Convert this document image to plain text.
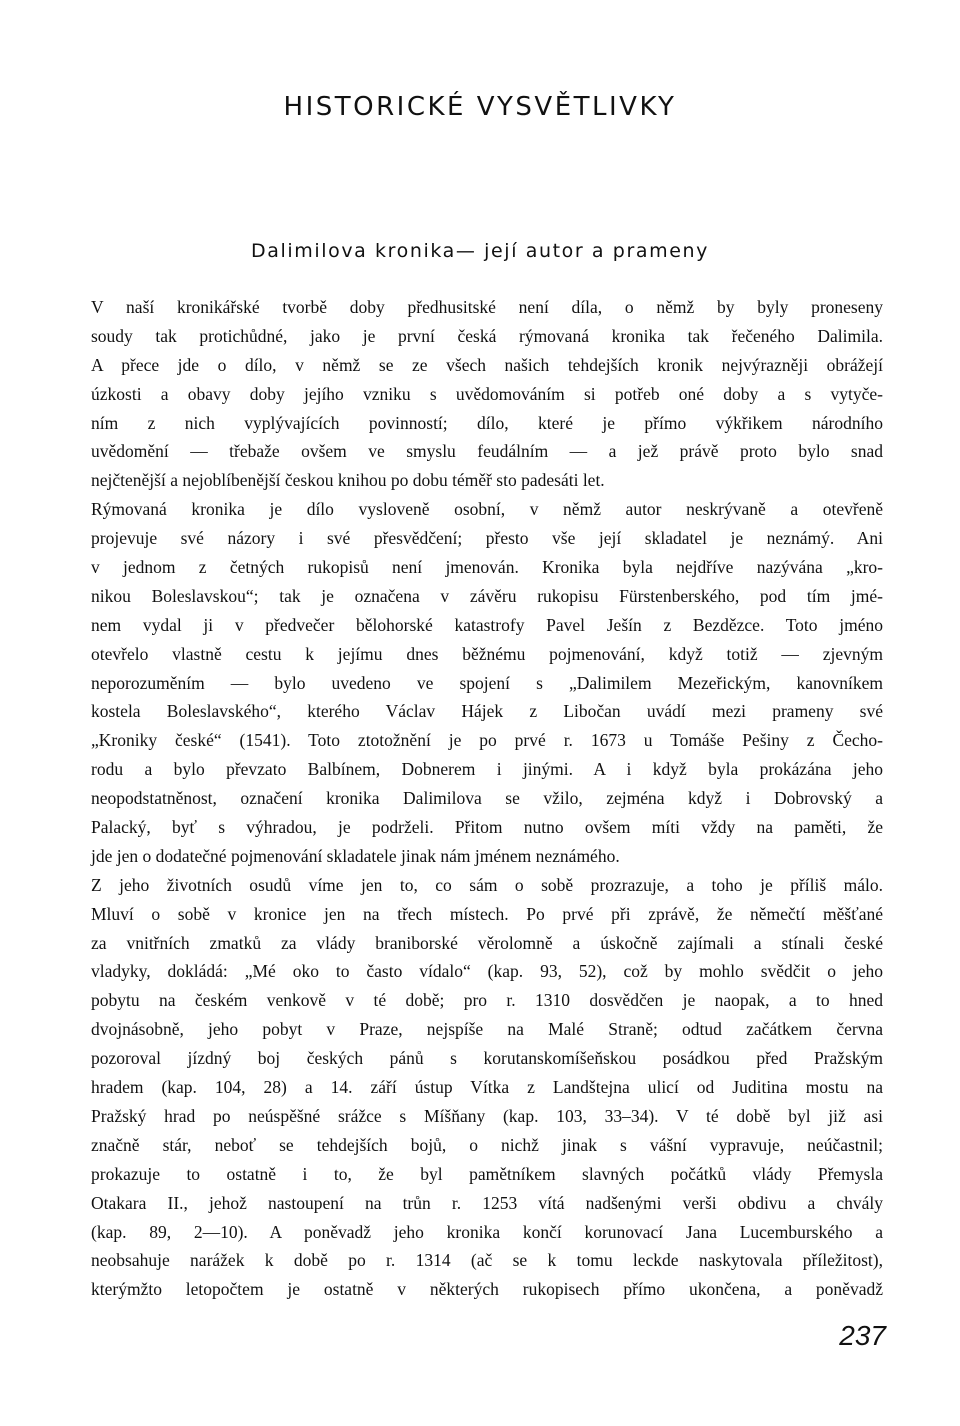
HISTORICKÉ VYSVĚTLIVKY
Dalimilova kronika— její autor a prameny
V naší kronikářské tvorbě doby předhusitské není díla, o němž by byly proneseny
soudy tak protichůdné, jako je první česká rýmovaná kronika tak řečeného Dalimila.
A přece jde o dílo, v němž se ze všech našich tehdejších kronik nejvýrazněji obrážejí
úzkosti a obavy doby jejího vzniku s uvědomováním si potřeb oné doby a s vytyče-
ním z nich vyplývajících povinností; dílo, které je přímo výkřikem národního
uvědomění — třebaže ovšem ve smyslu feudálním — a jež právě proto bylo snad
nejčtenější a nejoblíbenější českou knihou po dobu téměř sto padesáti let.
Rýmovaná kronika je dílo vysloveně osobní, v němž autor neskrývaně a otevřeně
projevuje své názory i své přesvědčení; přesto vše její skladatel je neznámý. Ani
v jednom z četných rukopisů není jmenován. Kronika byla nejdříve nazývána „kro-
nikou Boleslavskou“; tak je označena v závěru rukopisu Fürstenberského, pod tím jmé-
nem vydal ji v předvečer bělohorské katastrofy Pavel Ješín z Bezdězce. Toto jméno
otevřelo vlastně cestu k jejímu dnes běžnému pojmenování, když totiž — zjevným
neporozuměním — bylo uvedeno ve spojení s „Dalimilem Mezeřickým, kanovníkem
kostela Boleslavského“, kterého Václav Hájek z Libočan uvádí mezi prameny své
„Kroniky české“ (1541). Toto ztotožnění je po prvé r. 1673 u Tomáše Pešiny z Čecho-
rodu a bylo převzato Balbínem, Dobnerem i jinými. A i když byla prokázána jeho
neopodstatněnost, označení kronika Dalimilova se vžilo, zejména když i Dobrovský a
Palacký, byť s výhradou, je podrželi. Přitom nutno ovšem míti vždy na paměti, že
jde jen o dodatečné pojmenování skladatele jinak nám jménem neznámého.
Z jeho životních osudů víme jen to, co sám o sobě prozrazuje, a toho je příliš málo.
Mluví o sobě v kronice jen na třech místech. Po prvé při zprávě, že němečtí měšťané
za vnitřních zmatků za vlády braniborské věrolomně a úskočně zajímali a stínali české
vladyky, dokládá: „Mé oko to často vídalo“ (kap. 93, 52), což by mohlo svědčit o jeho
pobytu na českém venkově v té době; pro r. 1310 dosvědčen je naopak, a to hned
dvojnásobně, jeho pobyt v Praze, nejspíše na Malé Straně; odtud začátkem června
pozoroval jízdný boj českých pánů s korutanskomíšeňskou posádkou před Pražským
hradem (kap. 104, 28) a 14. září ústup Vítka z Landštejna ulicí od Juditina mostu na
Pražský hrad po neúspěšné srážce s Míšňany (kap. 103, 33–34). V té době byl již asi
značně stár, neboť se tehdejších bojů, o nichž jinak s vášní vypravuje, neúčastnil;
prokazuje to ostatně i to, že byl pamětníkem slavných počátků vlády Přemysla
Otakara II., jehož nastoupení na trůn r. 1253 vítá nadšenými verši obdivu a chvály
(kap. 89, 2—10). A poněvadž jeho kronika končí korunovací Jana Lucemburského a
neobsahuje narážek k době po r. 1314 (ač se k tomu leckde naskytovala příležitost),
kterýmžto letopočtem je ostatně v některých rukopisech přímo ukončena, a poněvadž
237
